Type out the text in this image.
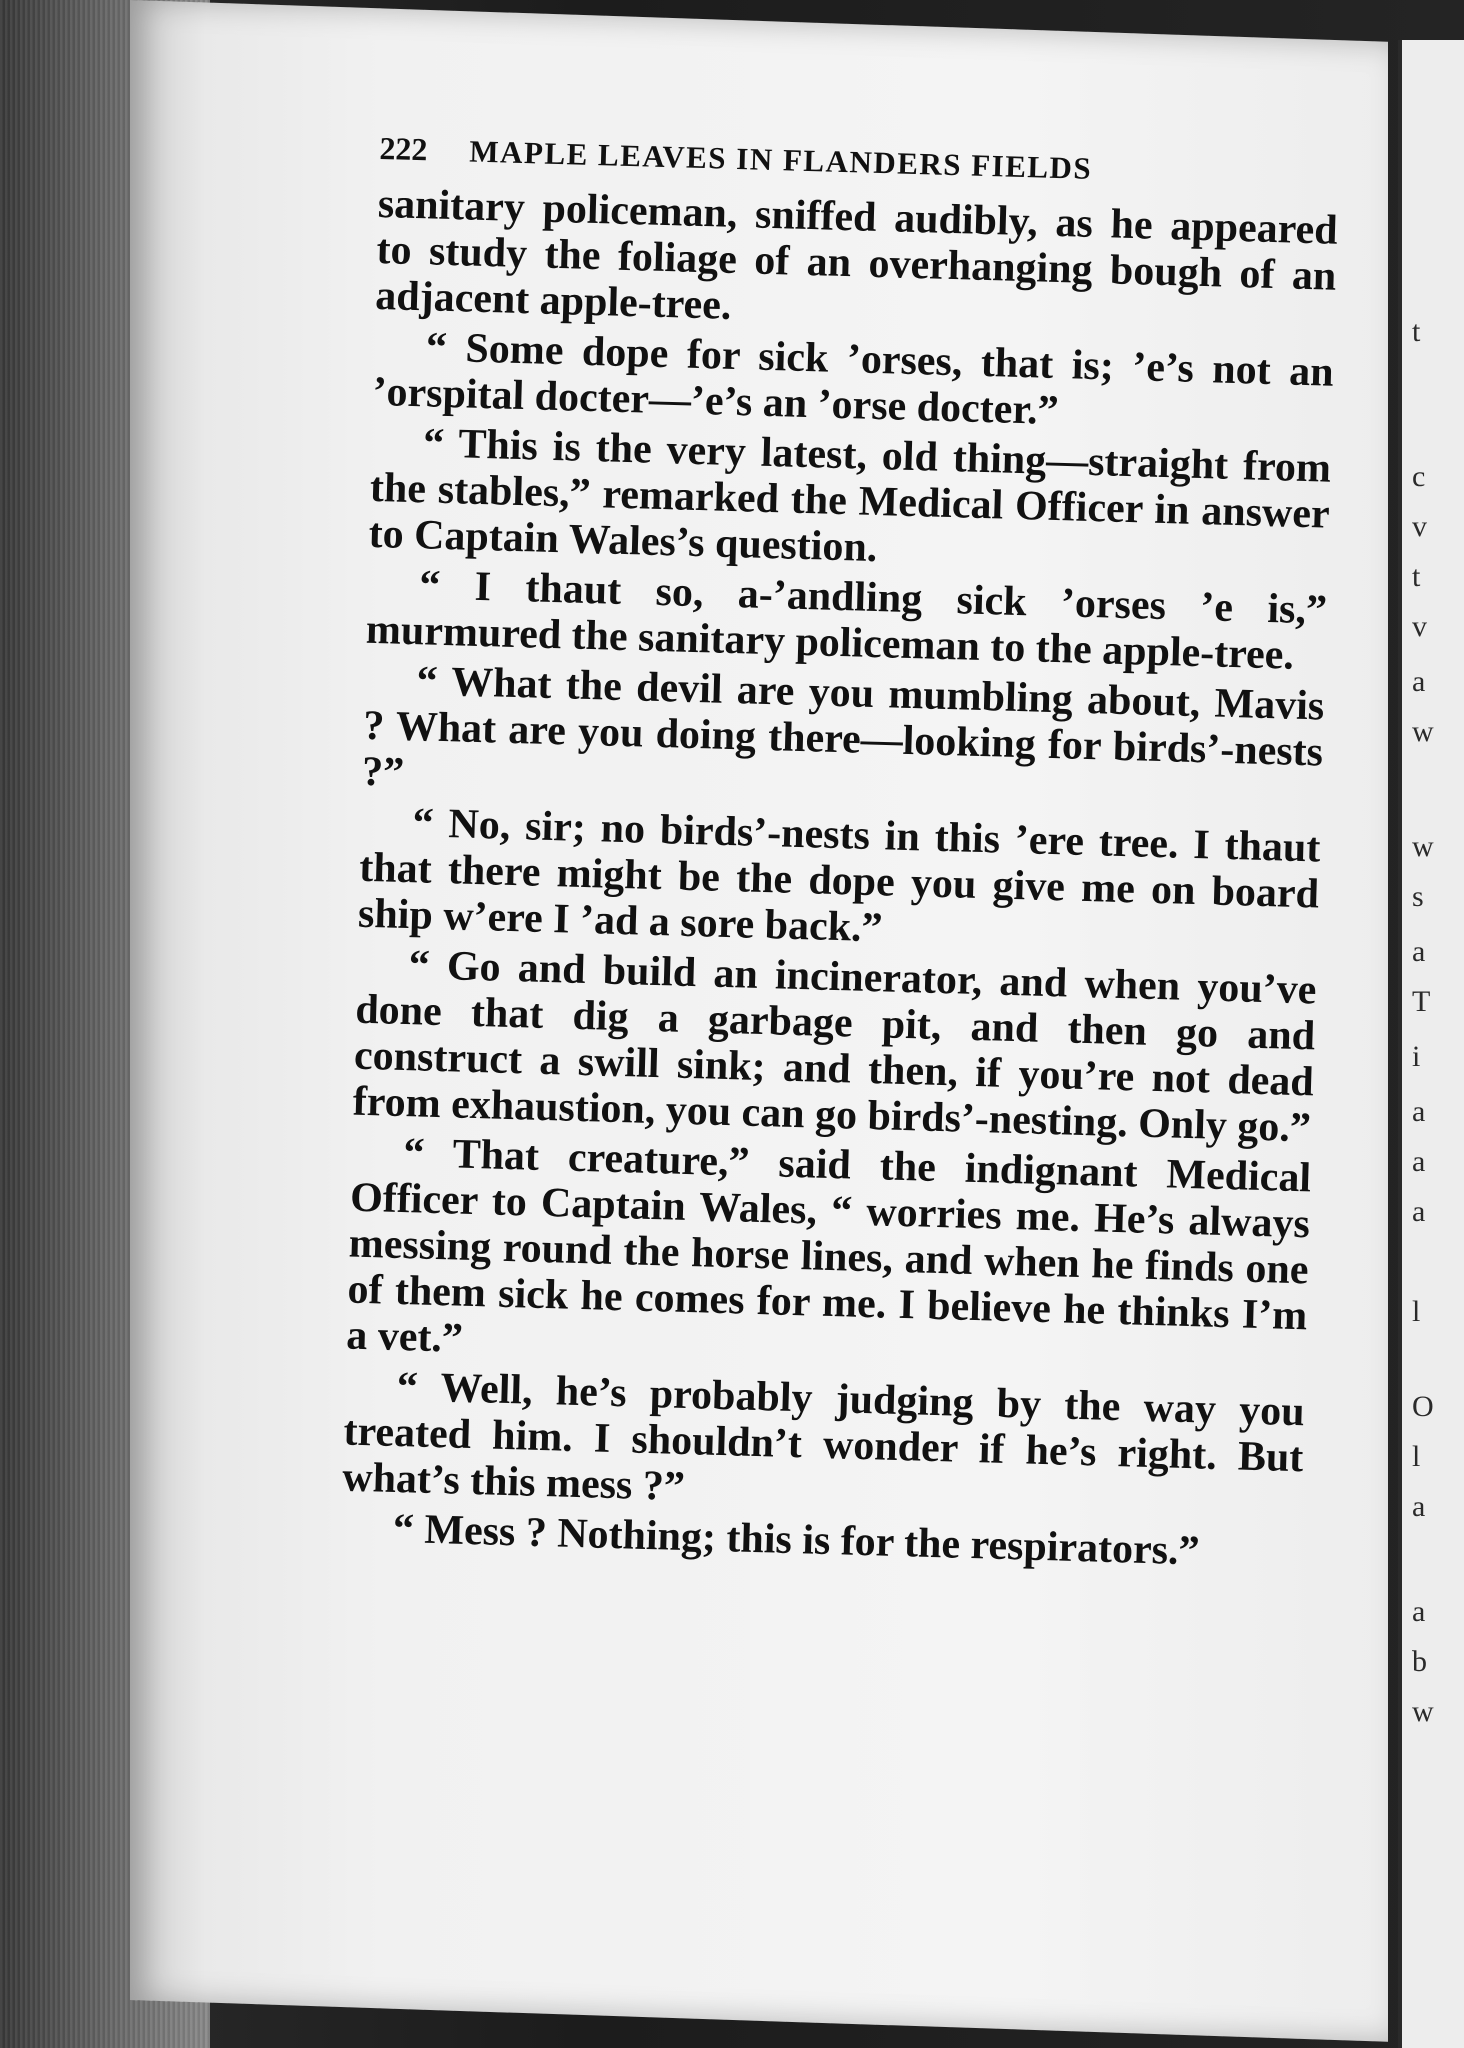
t
c
v
t
v
a
w
w
s
a
T
i
a
a
a
l
O
l
a
a
b
w
222	MAPLE LEAVES IN FLANDERS FIELDS

sanitary policeman, sniffed audibly, as he appeared to study the foliage of an overhanging bough of an adjacent apple-tree.

“ Some dope for sick ’orses, that is; ’e’s not an ’orspital docter—’e’s an ’orse docter.”

“ This is the very latest, old thing—straight from the stables,” remarked the Medical Officer in answer to Captain Wales’s question.

“ I thaut so, a-’andling sick ’orses ’e is,” murmured the sanitary policeman to the apple-tree.

“ What the devil are you mumbling about, Mavis ? What are you doing there—looking for birds’-nests ?”

“ No, sir; no birds’-nests in this ’ere tree. I thaut that there might be the dope you give me on board ship w’ere I ’ad a sore back.”

“ Go and build an incinerator, and when you’ve done that dig a garbage pit, and then go and construct a swill sink; and then, if you’re not dead from exhaustion, you can go birds’-nesting. Only go.”

“ That creature,” said the indignant Medical Officer to Captain Wales, “ worries me. He’s always messing round the horse lines, and when he finds one of them sick he comes for me. I believe he thinks I’m a vet.”

“ Well, he’s probably judging by the way you treated him. I shouldn’t wonder if he’s right. But what’s this mess ?”

“ Mess ? Nothing; this is for the respirators.”
